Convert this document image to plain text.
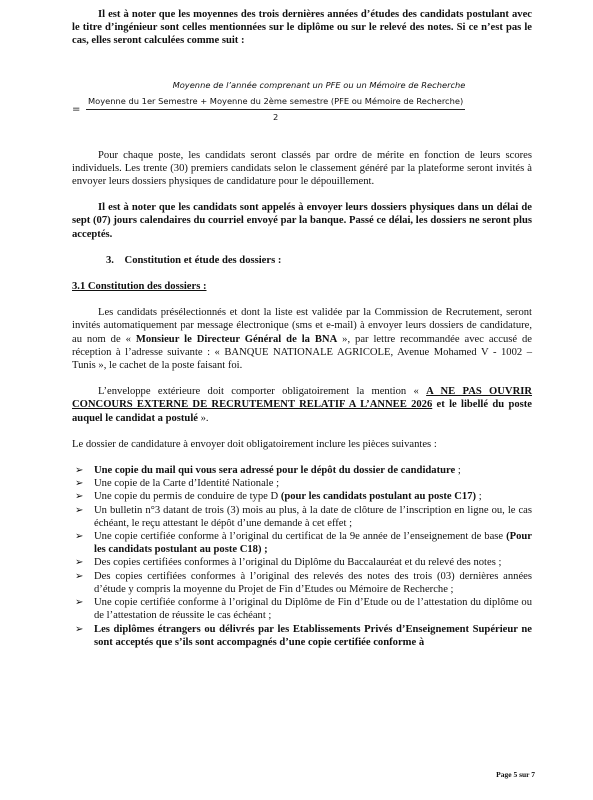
Il est à noter que les moyennes des trois dernières années d’études des candidats postulant avec le titre d’ingénieur sont celles mentionnées sur le diplôme ou sur le relevé des notes. Si ce n’est pas le cas, elles seront calculées comme suit :

Moyenne de l’année comprenant un PFE ou un Mémoire de Recherche
=
Moyenne du 1er Semestre + Moyenne du 2ème semestre (PFE ou Mémoire de Recherche)
2

Pour chaque poste, les candidats seront classés par ordre de mérite en fonction de leurs scores individuels. Les trente (30) premiers candidats selon le classement généré par la plateforme seront invités à envoyer leurs dossiers physiques de candidature pour le dépouillement.

Il est à noter que les candidats sont appelés à envoyer leurs dossiers physiques dans un délai de sept (07) jours calendaires du courriel envoyé par la banque. Passé ce délai, les dossiers ne seront plus acceptés.

3.    Constitution et étude des dossiers :

3.1 Constitution des dossiers :

Les candidats présélectionnés et dont la liste est validée par la Commission de Recrutement, seront invités automatiquement par message électronique (sms et e-mail) à envoyer leurs dossiers de candidature, au nom de « Monsieur le Directeur Général de la BNA », par lettre recommandée avec accusé de réception à l’adresse suivante : « BANQUE NATIONALE AGRICOLE, Avenue Mohamed V - 1002 – Tunis », le cachet de la poste faisant foi.

L’enveloppe extérieure doit comporter obligatoirement la mention « A NE PAS OUVRIR CONCOURS EXTERNE DE RECRUTEMENT RELATIF A L’ANNEE 2026 et le libellé du poste auquel le candidat a postulé ».

Le dossier de candidature à envoyer doit obligatoirement inclure les pièces suivantes :

➢ Une copie du mail qui vous sera adressé pour le dépôt du dossier de candidature ;
➢ Une copie de la Carte d’Identité Nationale ;
➢ Une copie du permis de conduire de type D (pour les candidats postulant au poste C17) ;
➢ Un bulletin n°3 datant de trois (3) mois au plus, à la date de clôture de l’inscription en ligne ou, le cas échéant, le reçu attestant le dépôt d’une demande à cet effet ;
➢ Une copie certifiée conforme à l’original du certificat de la 9e année de l’enseignement de base (Pour les candidats postulant au poste C18) ;
➢ Des copies certifiées conformes à l’original du Diplôme du Baccalauréat et du relevé des notes ;
➢ Des copies certifiées conformes à l’original des relevés des notes des trois (03) dernières années d’étude y compris la moyenne du Projet de Fin d’Etudes ou Mémoire de Recherche ;
➢ Une copie certifiée conforme à l’original du Diplôme de Fin d’Etude ou de l’attestation du diplôme ou de l’attestation de réussite le cas échéant ;
➢ Les diplômes étrangers ou délivrés par les Etablissements Privés d’Enseignement Supérieur ne sont acceptés que s’ils sont accompagnés d’une copie certifiée conforme à
Page 5 sur 7
